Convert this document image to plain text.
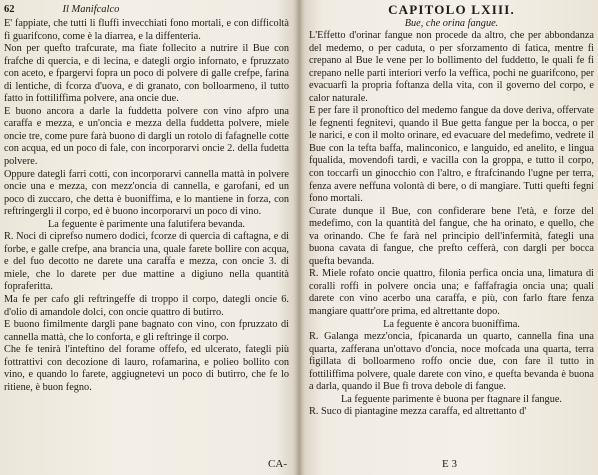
62	Il Manifcalco

E' fappiate, che tutti li fluffi invecchiati fono mortali, e con difficoltà fi guarifcono, come è la diarrea, e la diffenteria.

Non per quefto trafcurate, ma fiate follecito a nutrire il Bue con frafche di quercia, e di lecina, e dategli orgio infornato, e fpruzzato con aceto, e fpargervi fopra un poco di polvere di galle crefpe, farina di lentiche, di fcorza d'uova, e di granato, con bolloarmeno, il tutto fatto in fottiliffima polvere, ana oncie due.

E buono ancora a darle la fuddetta polvere con vino afpro una caraffa e mezza, e un'oncia e mezza della fuddetta polvere, miele oncie tre, come pure farà buono di dargli un rotolo di fafagnelle cotte con acqua, ed un poco di fale, con incorporarvi oncie 2. della fudetta polvere.

Oppure dategli farri cotti, con incorporarvi cannella mattà in polvere oncie una e mezza, con mezz'oncia di cannella, e garofani, ed un poco di zuccaro, che detta è buoniffima, e lo mantiene in forza, con reftringergli il corpo, ed è buono incorporarvi un poco di vino.

La feguente è parimente una falutifera bevanda.

R. Noci di ciprefso numero dodici, fcorze di quercia di caftagna, e di forbe, e galle crefpe, ana brancia una, quale farete bollire con acqua, e del fuo decotto ne darete una caraffa e mezza, con oncie 3. di miele, che lo darete per due mattine a digiuno nella quantità fopraferitta.

Ma fe per cafo gli reftringeffe di troppo il corpo, dategli oncie 6. d'olio di amandole dolci, con oncie quattro di butirro.

E buono fimilmente dargli pane bagnato con vino, con fpruzzato di cannella mattà, che lo conforta, e gli reftringe il corpo.

Che fe tenirà l'inteftino del forame offefo, ed ulcerato, fategli più fottrattivi con decozione di lauro, rofamarina, e polieo bollito con vino, e quando lo farete, aggiugnetevi un poco di butirro, che fe lo ritiene, è buon fegno.

CA-
CAPITOLO LXIII.
Bue, che orina fangue.

L'Effetto d'orinar fangue non procede da altro, che per abbondanza del medemo, o per caduta, o per sforzamento di fatica, mentre fi crepano al Bue le vene per lo bollimento del fuddetto, le quali fe fi crepano nelle parti interiori verfo la veffica, pochi ne guarifcono, per evacuarfi la propria foftanza della vita, con il governo del corpo, e calor naturale.

E per fare il pronoftico del medemo fangue da dove deriva, offervate le fegnenti fegnitevi, quando il Bue getta fangue per la bocca, o per le narici, e con il molto orinare, ed evacuare del medefimo, vedrete il Bue con la tefta baffa, malinconico, e languido, ed anelito, e lingua fqualida, movendofi tardi, e vacilla con la groppa, e tutto il corpo, con toccarfi un ginocchio con l'altro, e ftrafcinando l'ugne per terra, fenza avere neffuna volontà di bere, o di mangiare. Tutti quefti fegni fono mortali.

Curate dunque il Bue, con confiderare bene l'età, e forze del medefimo, con la quantità del fangue, che ha orinato, e quello, che va orinando. Che fe farà nel principio dell'infermità, fategli una buona cavata di fangue, che prefto cefferà, con dargli per bocca quefta bevanda.

R. Miele rofato oncie quattro, filonia perfica oncia una, limatura di coralli roffi in polvere oncia una; e faffafragia oncia una; quali darete con vino acerbo una caraffa, e più, con farlo ftare fenza mangiare quattr'ore prima, ed altrettante dopo.

La feguente è ancora buoniffima.

R. Galanga mezz'oncia, fpicanarda un quarto, cannella fina una quarta, zafferana un'ottavo d'oncia, noce mofcada una quarta, terra figillata di bolloarmeno roffo oncie due, con fare il tutto in fottiliffima polvere, quale darete con vino, e quefta bevanda è buona a darla, quando il Bue fi trova debole di fangue.

La feguente parimente è buona per ftagnare il fangue.

R. Suco di piantagine mezza caraffa, ed altrettanto d'

E 3
